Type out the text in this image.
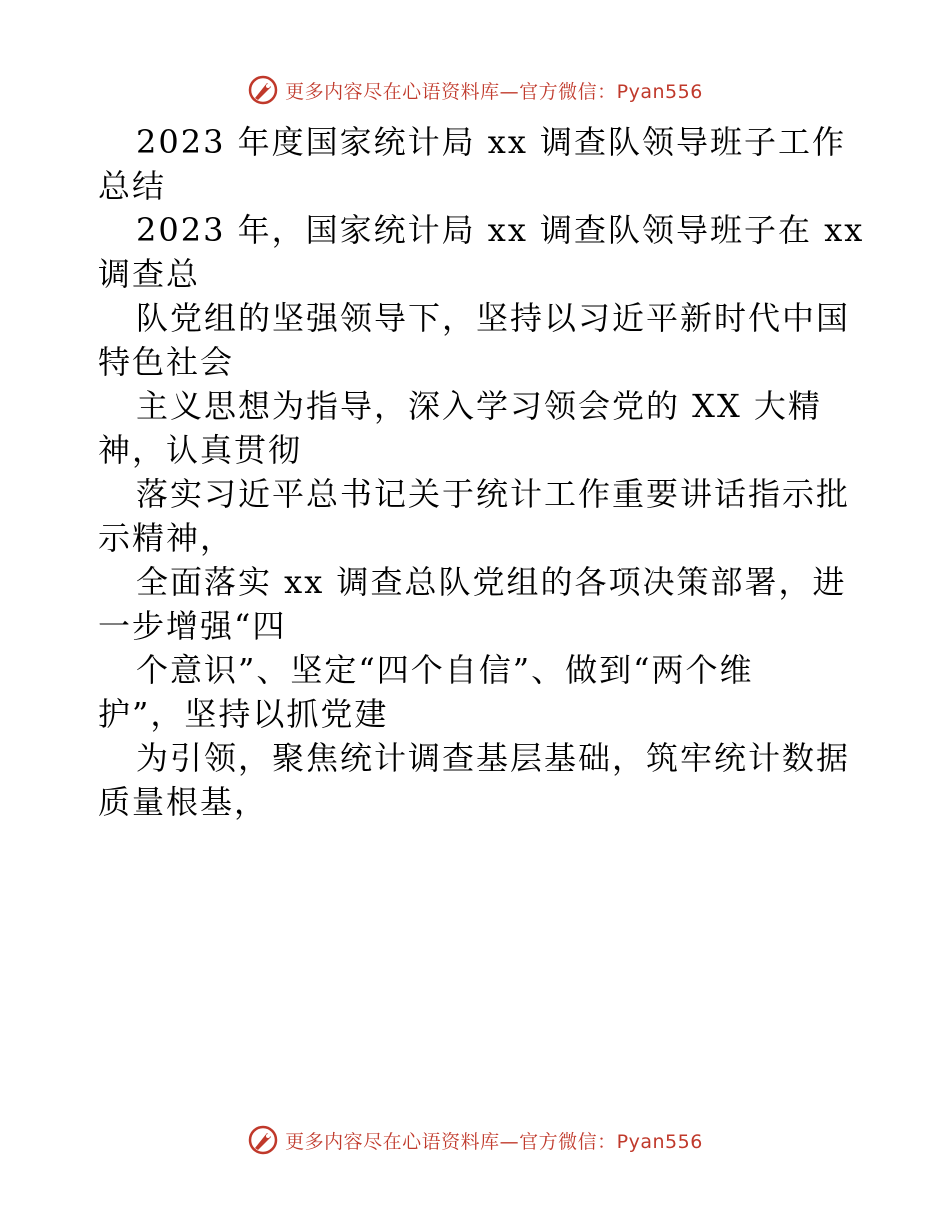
更多内容尽在心语资料库—官方微信：Pyan556
2023 年度国家统计局 xx 调查队领导班子工作
总结
2023 年，国家统计局 xx 调查队领导班子在 xx
调查总
队党组的坚强领导下，坚持以习近平新时代中国
特色社会
主义思想为指导，深入学习领会党的 XX 大精
神，认真贯彻
落实习近平总书记关于统计工作重要讲话指示批
示精神，
全面落实 xx 调查总队党组的各项决策部署，进
一步增强“四
个意识”、坚定“四个自信”、做到“两个维
护”，坚持以抓党建
为引领，聚焦统计调查基层基础，筑牢统计数据
质量根基，
更多内容尽在心语资料库—官方微信：Pyan556
